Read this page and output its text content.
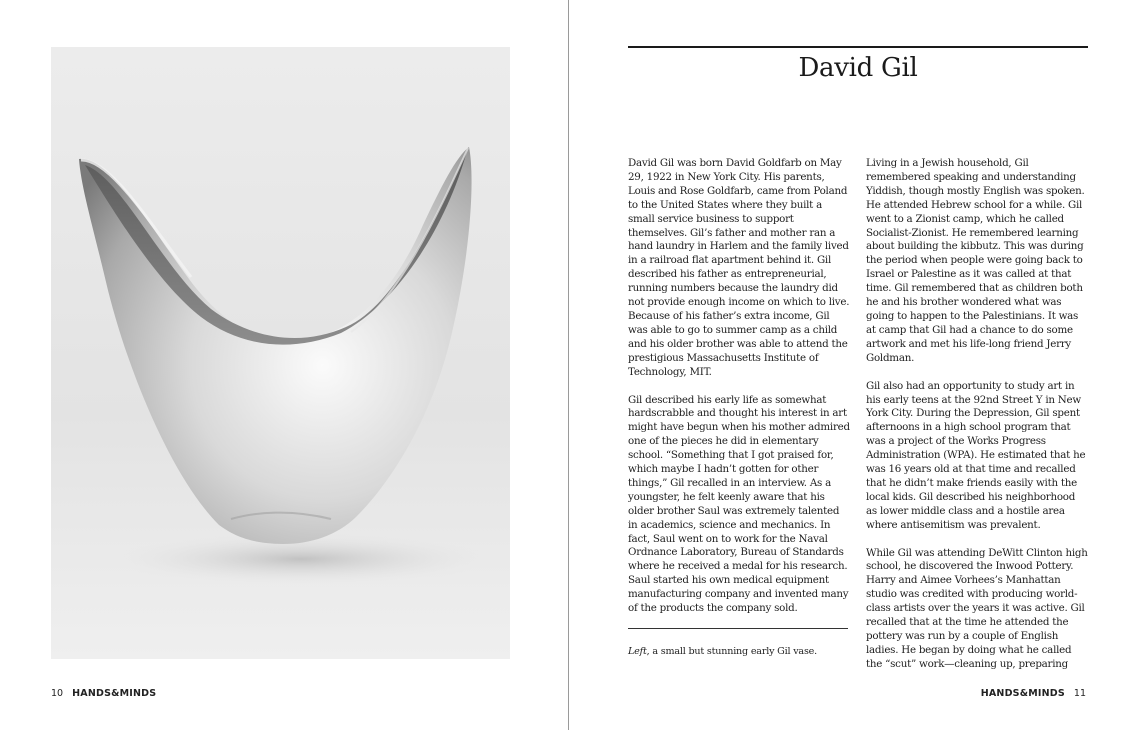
10 HANDS&MINDS
David Gil

David Gil was born David Goldfarb on May 29, 1922 in New York City. His parents, Louis and Rose Goldfarb, came from Poland to the United States where they built a small service business to support themselves. Gil’s father and mother ran a hand laundry in Harlem and the family lived in a railroad flat apartment behind it. Gil described his father as entrepreneurial, running numbers because the laundry did not provide enough income on which to live. Because of his father’s extra income, Gil was able to go to summer camp as a child and his older brother was able to attend the prestigious Massachusetts Institute of Technology, MIT.

Gil described his early life as somewhat hardscrabble and thought his interest in art might have begun when his mother admired one of the pieces he did in elementary school. “Something that I got praised for, which maybe I hadn’t gotten for other things,” Gil recalled in an interview. As a youngster, he felt keenly aware that his older brother Saul was extremely talented in academics, science and mechanics. In fact, Saul went on to work for the Naval Ordnance Laboratory, Bureau of Standards where he received a medal for his research. Saul started his own medical equipment manufacturing company and invented many of the products the company sold.

Living in a Jewish household, Gil remembered speaking and understanding Yiddish, though mostly English was spoken. He attended Hebrew school for a while. Gil went to a Zionist camp, which he called Socialist-Zionist. He remembered learning about building the kibbutz. This was during the period when people were going back to Israel or Palestine as it was called at that time. Gil remembered that as children both he and his brother wondered what was going to happen to the Palestinians. It was at camp that Gil had a chance to do some artwork and met his life-long friend Jerry Goldman.

Gil also had an opportunity to study art in his early teens at the 92nd Street Y in New York City. During the Depression, Gil spent afternoons in a high school program that was a project of the Works Progress Administration (WPA). He estimated that he was 16 years old at that time and recalled that he didn’t make friends easily with the local kids. Gil described his neighborhood as lower middle class and a hostile area where antisemitism was prevalent.

While Gil was attending DeWitt Clinton high school, he discovered the Inwood Pottery. Harry and Aimee Vorhees’s Manhattan studio was credited with producing world-class artists over the years it was active. Gil recalled that at the time he attended the pottery was run by a couple of English ladies. He began by doing what he called the “scut” work—cleaning up, preparing

Left, a small but stunning early Gil vase.
HANDS&MINDS 11
